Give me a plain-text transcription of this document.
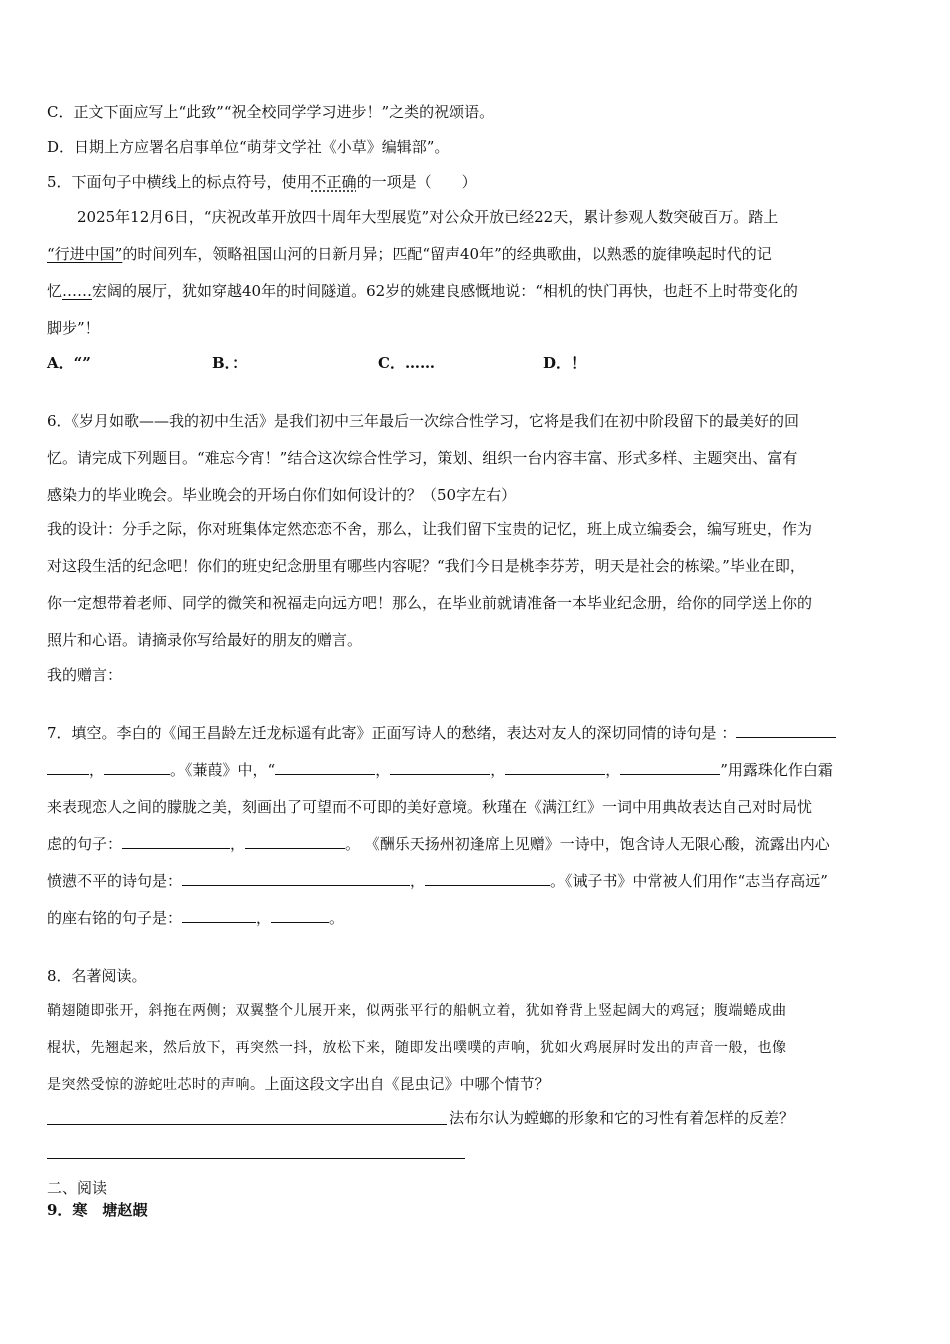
C．正文下面应写上“此致”“祝全校同学学习进步！”之类的祝颂语。
D．日期上方应署名启事单位“萌芽文学社《小草》编辑部”。
5．下面句子中横线上的标点符号，使用不正确的一项是（　　）
2025年12月6日，“庆祝改革开放四十周年大型展览”对公众开放已经22天，累计参观人数突破百万。踏上
“行进中国”的时间列车，领略祖国山河的日新月异；匹配“留声40年”的经典歌曲，以熟悉的旋律唤起时代的记
忆……宏阔的展厅，犹如穿越40年的时间隧道。62岁的姚建良感慨地说：“相机的快门再快，也赶不上时带变化的
脚步”！
A．“”	B．：	C．……	D．！
6．《岁月如歌——我的初中生活》是我们初中三年最后一次综合性学习，它将是我们在初中阶段留下的最美好的回
忆。请完成下列题目。“难忘今宵！”结合这次综合性学习，策划、组织一台内容丰富、形式多样、主题突出、富有
感染力的毕业晚会。毕业晚会的开场白你们如何设计的？（50字左右）
我的设计：分手之际，你对班集体定然恋恋不舍，那么，让我们留下宝贵的记忆，班上成立编委会，编写班史，作为
对这段生活的纪念吧！你们的班史纪念册里有哪些内容呢？“我们今日是桃李芬芳，明天是社会的栋梁。”毕业在即，
你一定想带着老师、同学的微笑和祝福走向远方吧！那么，在毕业前就请准备一本毕业纪念册，给你的同学送上你的
照片和心语。请摘录你写给最好的朋友的赠言。
我的赠言：
7．填空。李白的《闻王昌龄左迁龙标遥有此寄》正面写诗人的愁绪，表达对友人的深切同情的诗句是 ：
，	。《蒹葭》中，“	，	，	，	”用露珠化作白霜
来表现恋人之间的朦胧之美，刻画出了可望而不可即的美好意境。秋瑾在《满江红》一词中用典故表达自己对时局忧
虑的句子：	，	。 《酬乐天扬州初逢席上见赠》一诗中，饱含诗人无限心酸，流露出内心
愤懑不平的诗句是：	，	。《诫子书》中常被人们用作“志当存高远”
的座右铭的句子是：	，	。
8．名著阅读。
鞘翅随即张开，斜拖在两侧；双翼整个儿展开来，似两张平行的船帆立着，犹如脊背上竖起阔大的鸡冠；腹端蜷成曲
棍状，先翘起来，然后放下，再突然一抖，放松下来，随即发出噗噗的声响，犹如火鸡展屏时发出的声音一般，也像
是突然受惊的游蛇吐芯时的声响。上面这段文字出自《昆虫记》中哪个情节？
法布尔认为螳螂的形象和它的习性有着怎样的反差？
二、阅读
9．寒　塘赵嘏
